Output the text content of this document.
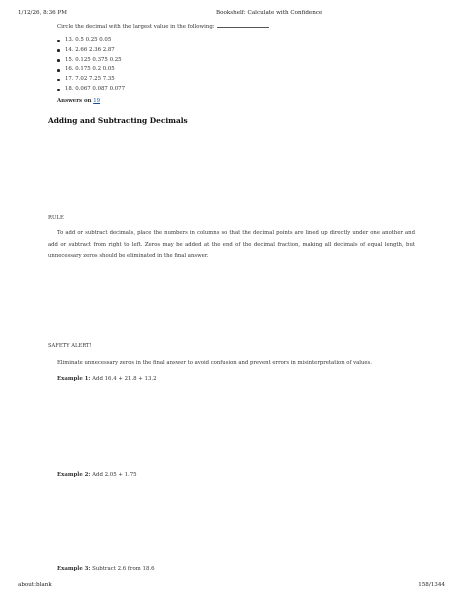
1/12/26, 8:36 PM	Bookshelf: Calculate with Confidence
Circle the decimal with the largest value in the following:
13. 0.5 0.25 0.05
14. 2.66 2.36 2.87
15. 0.125 0.375 0.25
16. 0.175 0.2 0.05
17. 7.02 7.25 7.35
18. 0.067 0.087 0.077
Answers on 19
Adding and Subtracting Decimals
RULE

To add or subtract decimals, place the numbers in columns so that the decimal points are lined up directly under one another and add or subtract from right to left. Zeros may be added at the end of the decimal fraction, making all decimals of equal length, but unnecessary zeros should be eliminated in the final answer.

SAFETY ALERT!
Eliminate unnecessary zeros in the final answer to avoid confusion and prevent errors in misinterpretation of values.
Example 1: Add 16.4 + 21.8 + 13.2
Example 2: Add 2.05 + 1.75
Example 3: Subtract 2.6 from 18.6
about:blank	158/1344
